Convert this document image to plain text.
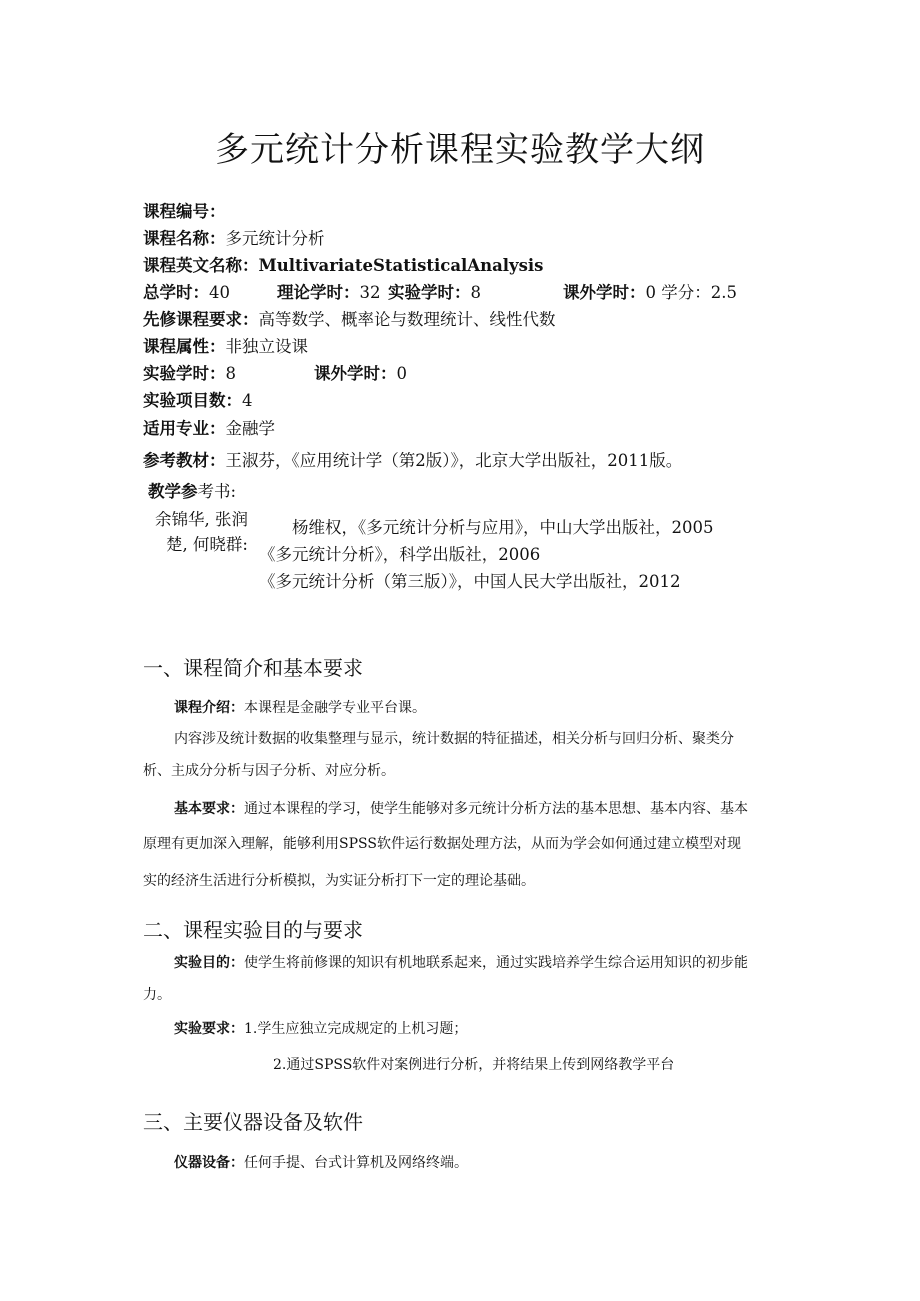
多元统计分析课程实验教学大纲
课程编号：
课程名称：多元统计分析
课程英文名称：MultivariateStatisticalAnalysis
总学时：40	理论学时：32 实验学时：8	课外学时：0 学分：2.5
先修课程要求：高等数学、概率论与数理统计、线性代数
课程属性：非独立设课
实验学时：8	课外学时：0
实验项目数：4
适用专业：金融学
参考教材：王淑芬，《应用统计学（第2版）》，北京大学出版社，2011版。
教学参考书:
余锦华, 张润楚, 何晓群:
杨维权，《多元统计分析与应用》，中山大学出版社，2005
《多元统计分析》，科学出版社，2006
《多元统计分析（第三版）》，中国人民大学出版社，2012
一、课程简介和基本要求
课程介绍：本课程是金融学专业平台课。
内容涉及统计数据的收集整理与显示，统计数据的特征描述，相关分析与回归分析、聚类分
析、主成分分析与因子分析、对应分析。
基本要求：通过本课程的学习，使学生能够对多元统计分析方法的基本思想、基本内容、基本
原理有更加深入理解，能够利用SPSS软件运行数据处理方法，从而为学会如何通过建立模型对现
实的经济生活进行分析模拟，为实证分析打下一定的理论基础。
二、课程实验目的与要求
实验目的：使学生将前修课的知识有机地联系起来，通过实践培养学生综合运用知识的初步能
力。
实验要求：1.学生应独立完成规定的上机习题；
2.通过SPSS软件对案例进行分析，并将结果上传到网络教学平台
三、主要仪器设备及软件
仪器设备：任何手提、台式计算机及网络终端。
